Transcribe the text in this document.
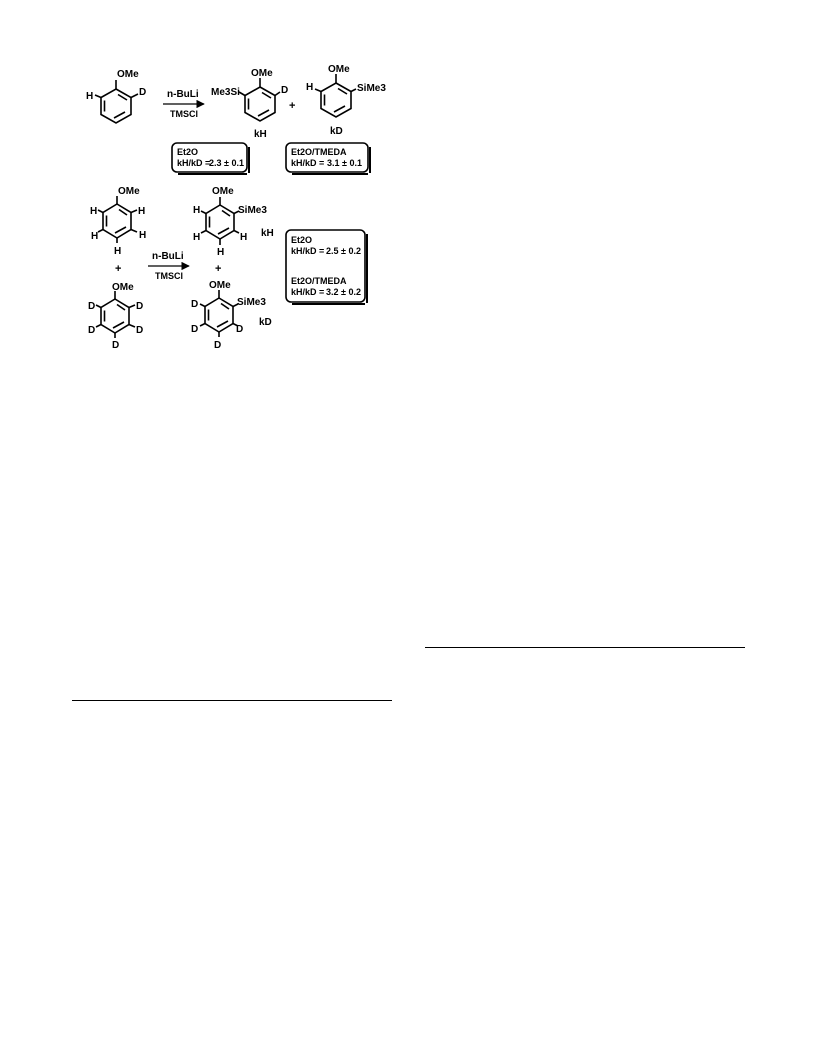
OMe
H	D n-BuLi
TMSCl
OMe
Me3Si	D
kH
+
OMe
H	SiMe3
kD
Et2O
kH/kD =
2.3 ± 0.1
Et2O/TMEDA
kH/kD = 3.1 ± 0.1
OMe
H	H
H	H
H
+
OMe
D	D
D	D
D
n-BuLi
TMSCl
OMe
SiMe3
H
H	H
H
kH
+
OMe
SiMe3
D
D	D
D
kD
Et2O
kH/kD = 2.5 ± 0.2
Et2O/TMEDA
kH/kD = 3.2 ± 0.2
